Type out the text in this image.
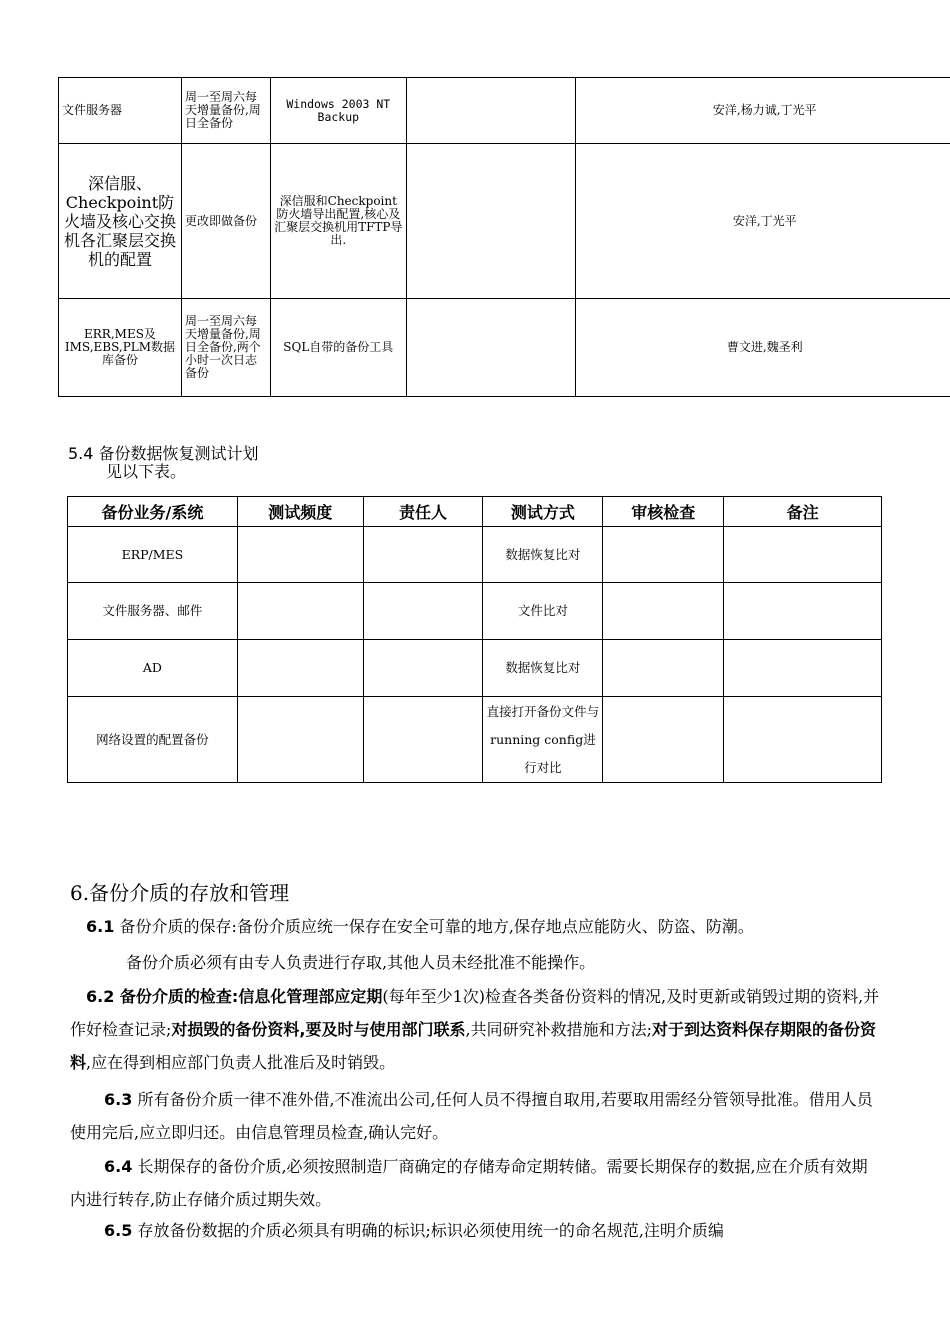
文件服务器	周一至周六每天增量备份,周日全备份	Windows 2003 NT Backup		安洋,杨力诚,丁光平
深信服、Checkpoint防火墙及核心交换机各汇聚层交换机的配置	更改即做备份	深信服和Checkpoint防火墙导出配置,核心及汇聚层交换机用TFTP导出.		安洋,丁光平
ERR,MES及IMS,EBS,PLM数据库备份	周一至周六每天增量备份,周日全备份,两个小时一次日志备份	SQL自带的备份工具		曹文进,魏圣利
5.4 备份数据恢复测试计划
见以下表。
备份业务/系统	测试频度	责任人	测试方式	审核检查	备注
ERP/MES			数据恢复比对		
文件服务器、邮件			文件比对		
AD			数据恢复比对		
网络设置的配置备份			直接打开备份文件与running config进行对比		
6.备份介质的存放和管理
6.1 备份介质的保存:备份介质应统一保存在安全可靠的地方,保存地点应能防火、防盗、防潮。
备份介质必须有由专人负责进行存取,其他人员未经批准不能操作。
6.2 备份介质的检查:信息化管理部应定期(每年至少1次)检查各类备份资料的情况,及时更新或销毁过期的资料,并作好检查记录;对损毁的备份资料,要及时与使用部门联系,共同研究补救措施和方法;对于到达资料保存期限的备份资料,应在得到相应部门负责人批准后及时销毁。
6.3 所有备份介质一律不准外借,不准流出公司,任何人员不得擅自取用,若要取用需经分管领导批准。借用人员使用完后,应立即归还。由信息管理员检查,确认完好。
6.4 长期保存的备份介质,必须按照制造厂商确定的存储寿命定期转储。需要长期保存的数据,应在介质有效期内进行转存,防止存储介质过期失效。
6.5 存放备份数据的介质必须具有明确的标识;标识必须使用统一的命名规范,注明介质编
